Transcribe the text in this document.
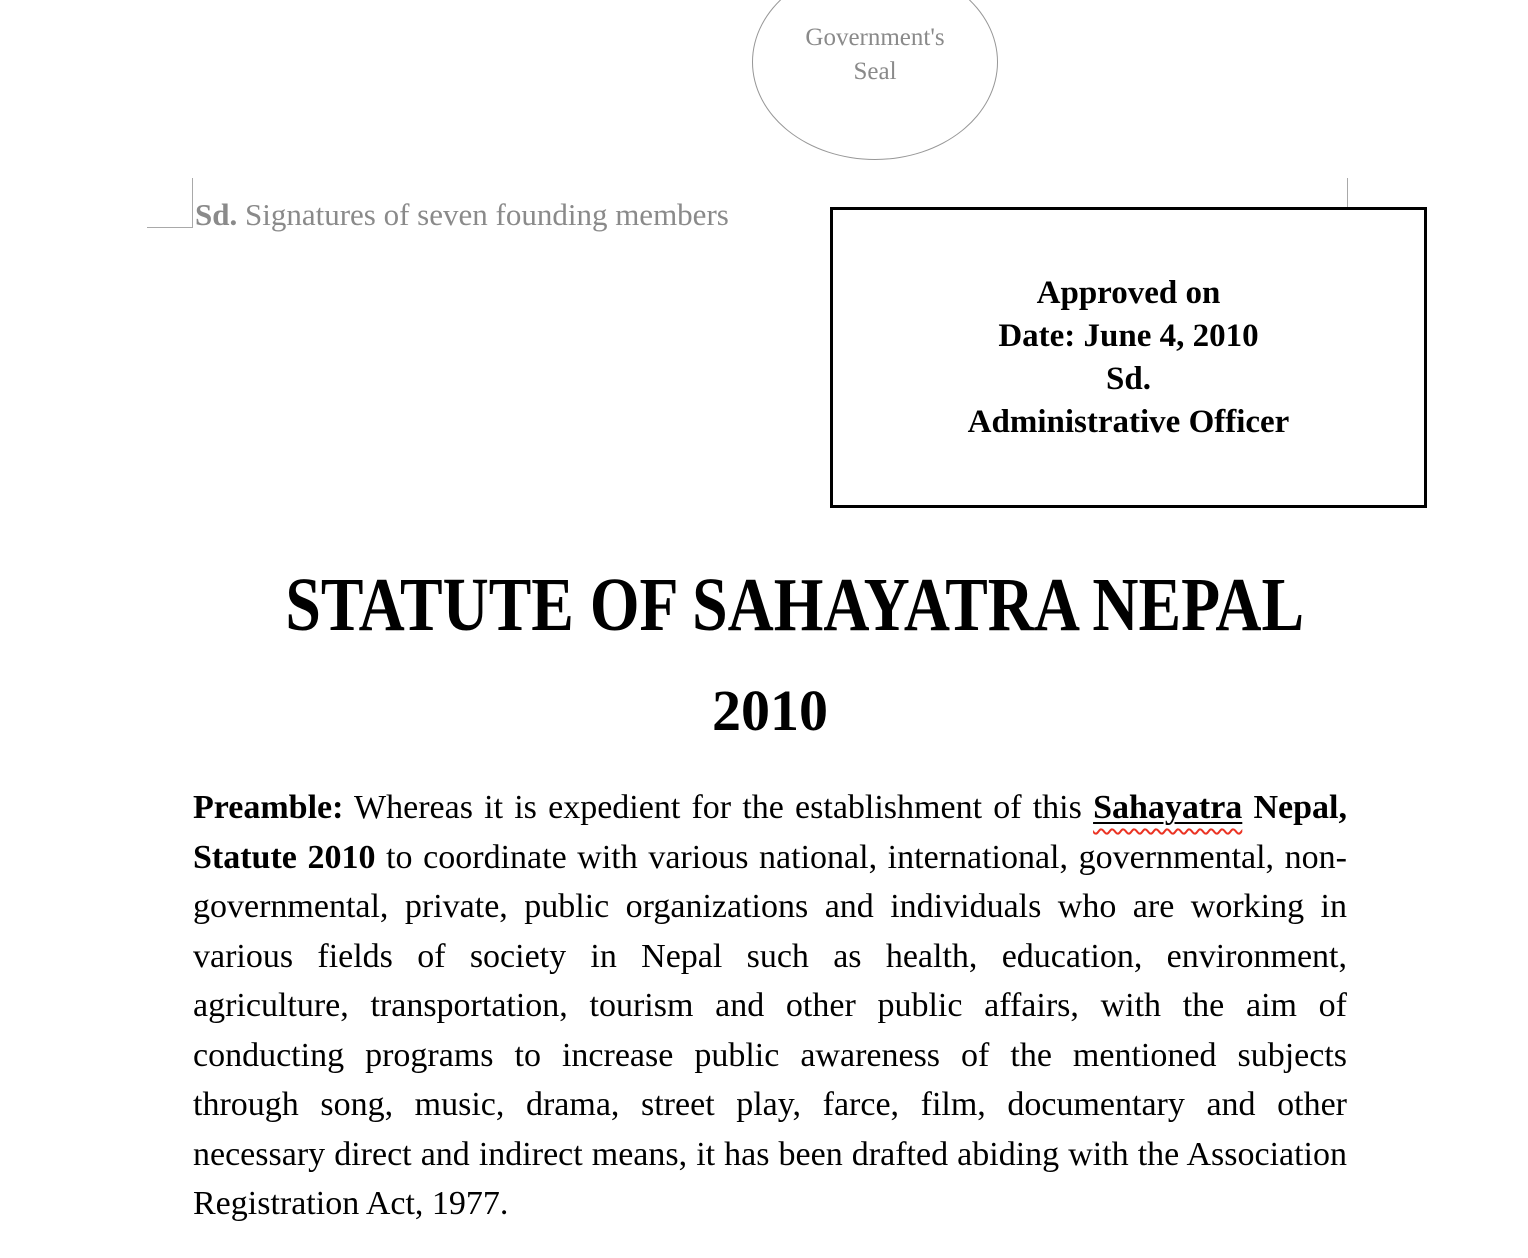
Government's
Seal

Sd. Signatures of seven founding members

Approved on
Date: June 4, 2010
Sd.
Administrative Officer
STATUTE OF SAHAYATRA NEPAL
2010

Preamble: Whereas it is expedient for the establishment of this Sahayatra Nepal, Statute 2010 to coordinate with various national, international, governmental, non-governmental, private, public organizations and individuals who are working in various fields of society in Nepal such as health, education, environment, agriculture, transportation, tourism and other public affairs, with the aim of conducting programs to increase public awareness of the mentioned subjects through song, music, drama, street play, farce, film, documentary and other necessary direct and indirect means, it has been drafted abiding with the Association Registration Act, 1977.
